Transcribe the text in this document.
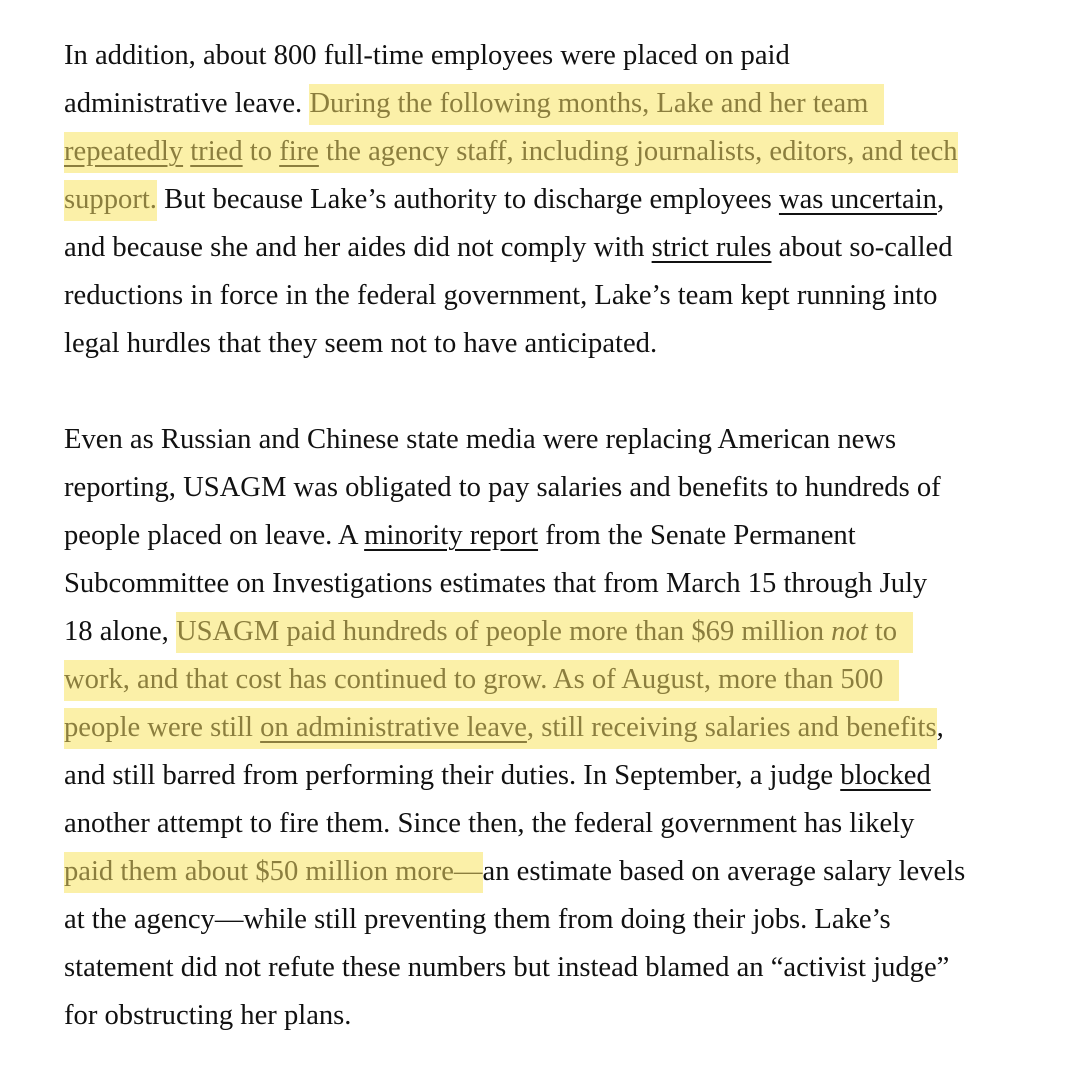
In addition, about 800 full-time employees were placed on paid
administrative leave. During the following months, Lake and her team
repeatedly tried to fire the agency staff, including journalists, editors, and tech
support. But because Lake’s authority to discharge employees was uncertain,
and because she and her aides did not comply with strict rules about so-called
reductions in force in the federal government, Lake’s team kept running into
legal hurdles that they seem not to have anticipated.

Even as Russian and Chinese state media were replacing American news
reporting, USAGM was obligated to pay salaries and benefits to hundreds of
people placed on leave. A minority report from the Senate Permanent
Subcommittee on Investigations estimates that from March 15 through July
18 alone, USAGM paid hundreds of people more than $69 million not to
work, and that cost has continued to grow. As of August, more than 500
people were still on administrative leave, still receiving salaries and benefits,
and still barred from performing their duties. In September, a judge blocked
another attempt to fire them. Since then, the federal government has likely
paid them about $50 million more—an estimate based on average salary levels
at the agency—while still preventing them from doing their jobs. Lake’s
statement did not refute these numbers but instead blamed an “activist judge”
for obstructing her plans.
